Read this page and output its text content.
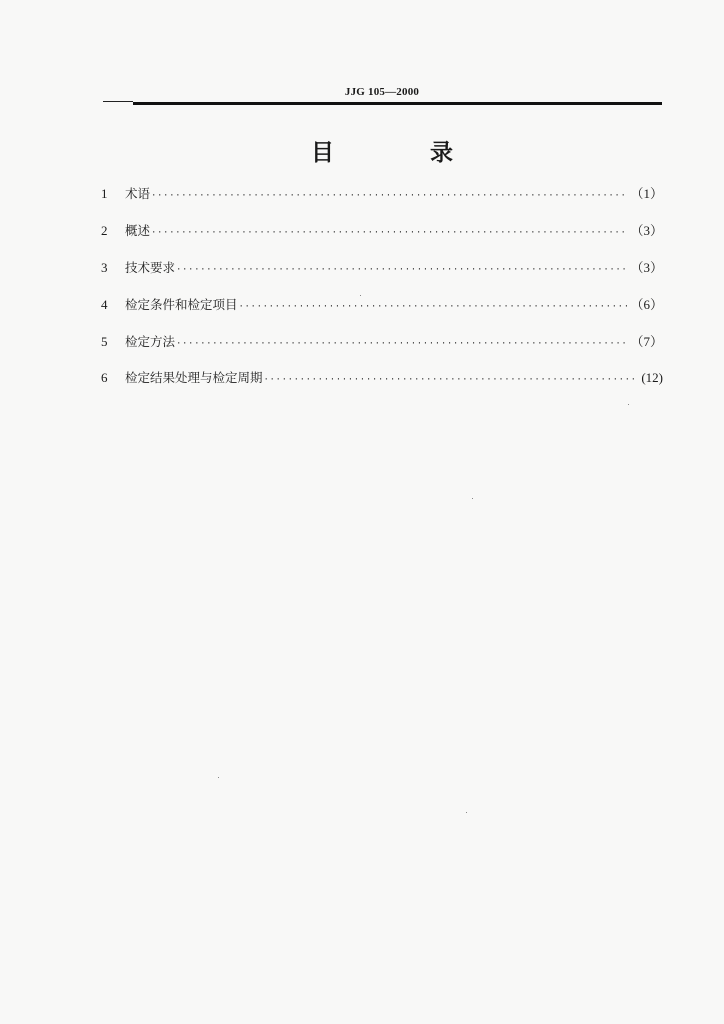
JJG 105—2000
目 录
1	术语 ·····	（1）
2	概述 ·····	（3）
3	技术要求 ·····	（3）
4	检定条件和检定项目 ·····	（6）
5	检定方法 ·····	（7）
6	检定结果处理与检定周期 ·····	(12)
